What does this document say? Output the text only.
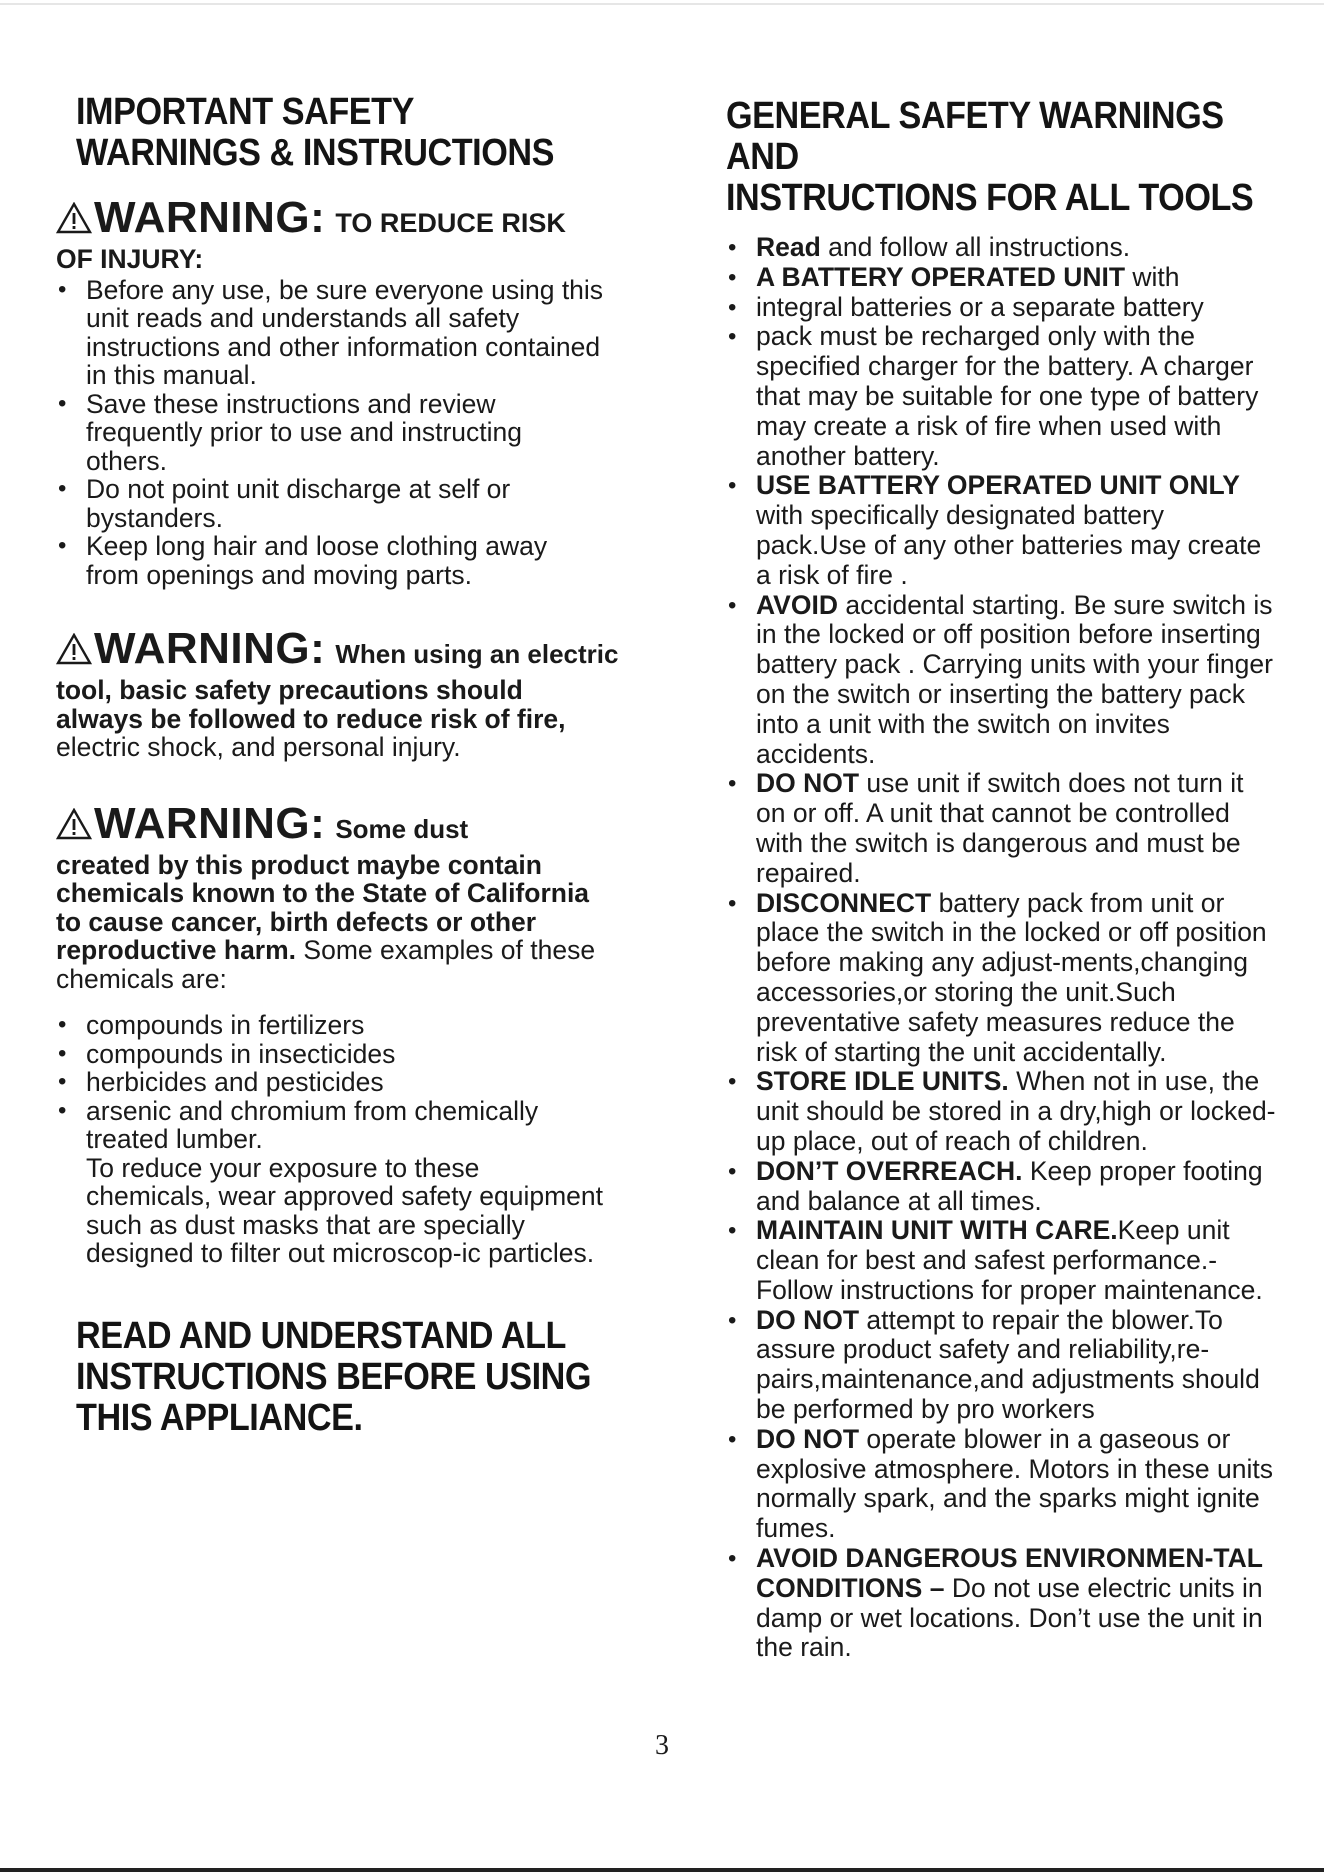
IMPORTANT SAFETY
WARNINGS & INSTRUCTIONS
WARNING: TO REDUCE RISK

OF INJURY:

• Before any use, be sure everyone using this unit reads and understands all safety instructions and other information contained in this manual.
• Save these instructions and review frequently prior to use and instructing others.
• Do not point unit discharge at self or bystanders.
• Keep long hair and loose clothing away from openings and moving parts.
WARNING: When using an electric

tool, basic safety precautions should always be followed to reduce risk of fire, electric shock, and personal injury.

WARNING: Some dust

created by this product maybe contain chemicals known to the State of California to cause cancer, birth defects or other reproductive harm. Some examples of these chemicals are:

• compounds in fertilizers
• compounds in insecticides
• herbicides and pesticides
• arsenic and chromium from chemically treated lumber.

To reduce your exposure to these chemicals, wear approved safety equipment such as dust masks that are specially designed to filter out microscop-ic particles.

READ AND UNDERSTAND ALL
INSTRUCTIONS BEFORE USING
THIS APPLIANCE.
GENERAL SAFETY WARNINGS AND
INSTRUCTIONS FOR ALL TOOLS
• Read and follow all instructions.
• A BATTERY OPERATED UNIT with
• integral batteries or a separate battery
• pack must be recharged only with the specified charger for the battery. A charger that may be suitable for one type of battery may create a risk of fire when used with another battery.
• USE BATTERY OPERATED UNIT ONLY with specifically designated battery pack.Use of any other batteries may create a risk of fire .
• AVOID accidental starting. Be sure switch is in the locked or off position before inserting battery pack . Carrying units with your finger on the switch or inserting the battery pack into a unit with the switch on invites accidents.
• DO NOT use unit if switch does not turn it on or off. A unit that cannot be controlled with the switch is dangerous and must be repaired.
• DISCONNECT battery pack from unit or place the switch in the locked or off position before making any adjust-ments,changing accessories,or storing the unit.Such preventative safety measures reduce the risk of starting the unit accidentally.
• STORE IDLE UNITS. When not in use, the unit should be stored in a dry,high or locked-up place, out of reach of children.
• DON’T OVERREACH. Keep proper footing and balance at all times.
• MAINTAIN UNIT WITH CARE.Keep unit clean for best and safest performance.-Follow instructions for proper maintenance.
• DO NOT attempt to repair the blower.To assure product safety and reliability,re-pairs,maintenance,and adjustments should be performed by pro workers
• DO NOT operate blower in a gaseous or explosive atmosphere. Motors in these units normally spark, and the sparks might ignite fumes.
• AVOID DANGEROUS ENVIRONMEN-TAL CONDITIONS – Do not use electric units in damp or wet locations. Don’t use the unit in the rain.
3
